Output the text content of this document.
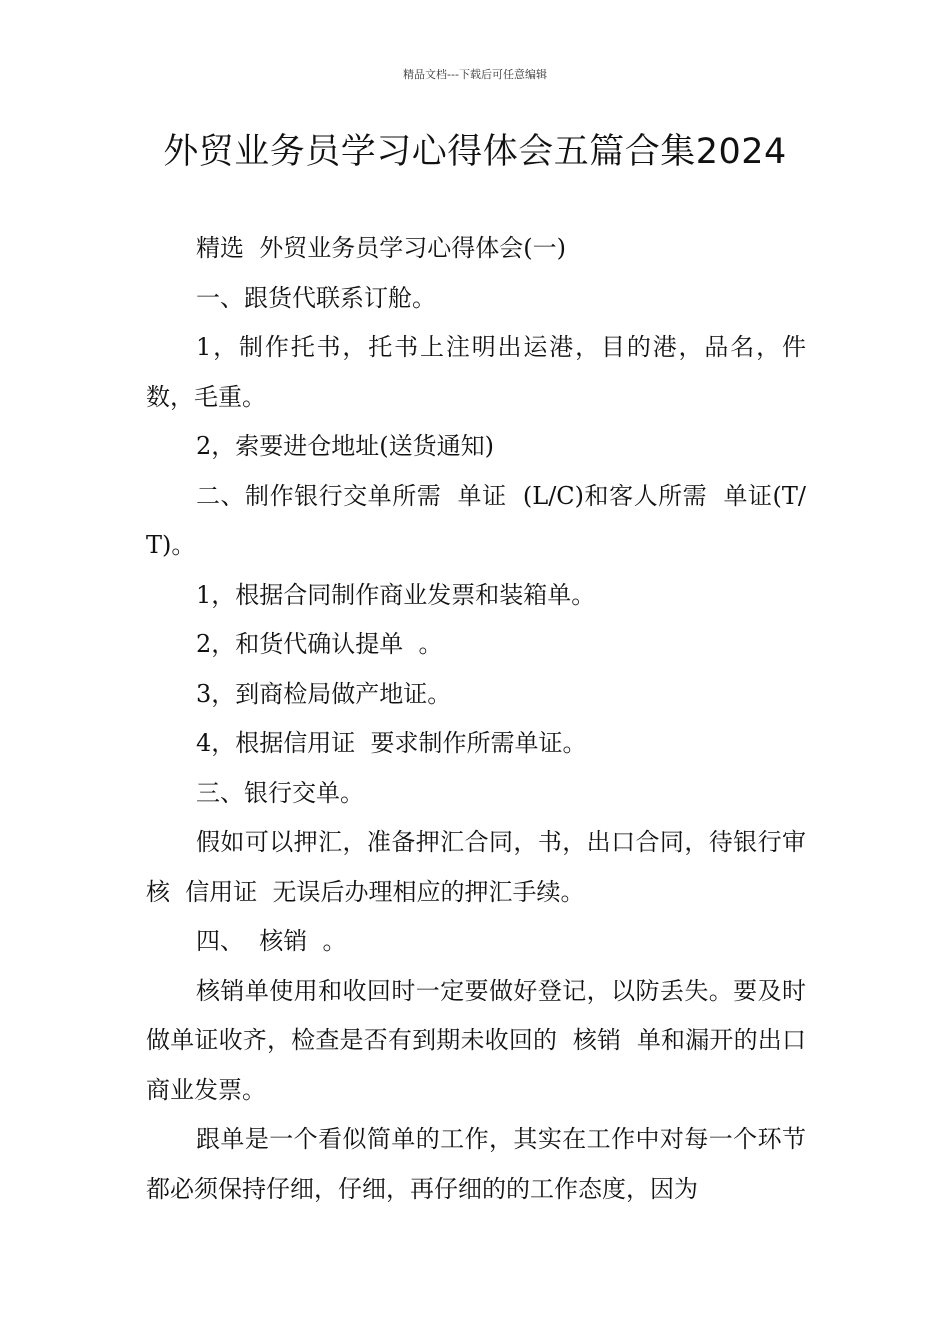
精品文档---下载后可任意编辑
外贸业务员学习心得体会五篇合集2024

精选  外贸业务员学习心得体会(一)

一、跟货代联系订舱。

1，制作托书，托书上注明出运港，目的港，品名，件数，毛重。

2，索要进仓地址(送货通知)

二、制作银行交单所需  单证  (L/C)和客人所需  单证(T/T)。

1，根据合同制作商业发票和装箱单。

2，和货代确认提单  。

3，到商检局做产地证。

4，根据信用证  要求制作所需单证。

三、银行交单。

假如可以押汇，准备押汇合同，书，出口合同，待银行审核  信用证  无误后办理相应的押汇手续。

四、  核销  。

核销单使用和收回时一定要做好登记，以防丢失。要及时做单证收齐，检查是否有到期未收回的  核销  单和漏开的出口商业发票。

跟单是一个看似简单的工作，其实在工作中对每一个环节都必须保持仔细，仔细，再仔细的的工作态度，因为
